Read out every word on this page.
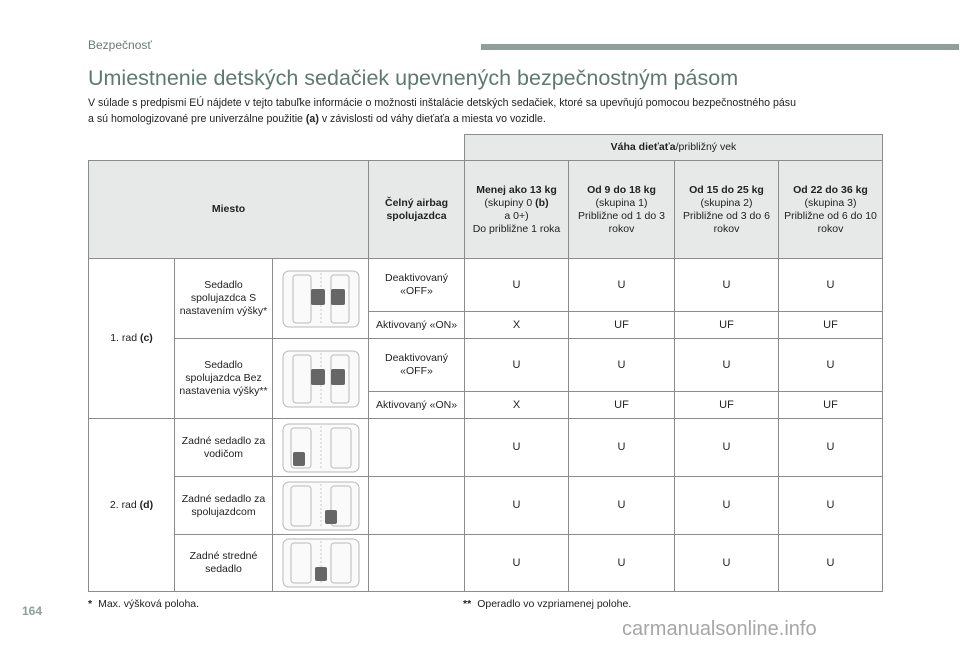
Bezpečnosť
Umiestnenie detských sedačiek upevnených bezpečnostným pásom

V súlade s predpismi EÚ nájdete v tejto tabuľke informácie o možnosti inštalácie detských sedačiek, ktoré sa upevňujú pomocou bezpečnostného pásu

a sú homologizované pre univerzálne použitie (a) v závislosti od váhy dieťaťa a miesta vo vozidle.

				Váha dieťaťa/približný vek			
Miesto			Čelný airbag spolujazdca	Menej ako 13 kg
(skupiny 0 (b)
a 0+)
Do približne 1 roka	Od 9 do 18 kg
(skupina 1)
Približne od 1 do 3 rokov	Od 15 do 25 kg
(skupina 2)
Približne od 3 do 6 rokov	Od 22 do 36 kg
(skupina 3)
Približne od 6 do 10 rokov
1. rad (c)	Sedadlo spolujazdca S nastavením výšky*		Deaktivovaný «OFF»	U	U	U	U
			Aktivovaný «ON»	X	UF	UF	UF
	Sedadlo spolujazdca Bez nastavenia výšky**		Deaktivovaný «OFF»	U	U	U	U
			Aktivovaný «ON»	X	UF	UF	UF
2. rad (d)	Zadné sedadlo za vodičom			U	U	U	U
	Zadné sedadlo za spolujazdcom			U	U	U	U
	Zadné stredné sedadlo			U	U	U	U
* Max. výšková poloha.	** Operadlo vo vzpriamenej polohe.
164
carmanualsonline.info
